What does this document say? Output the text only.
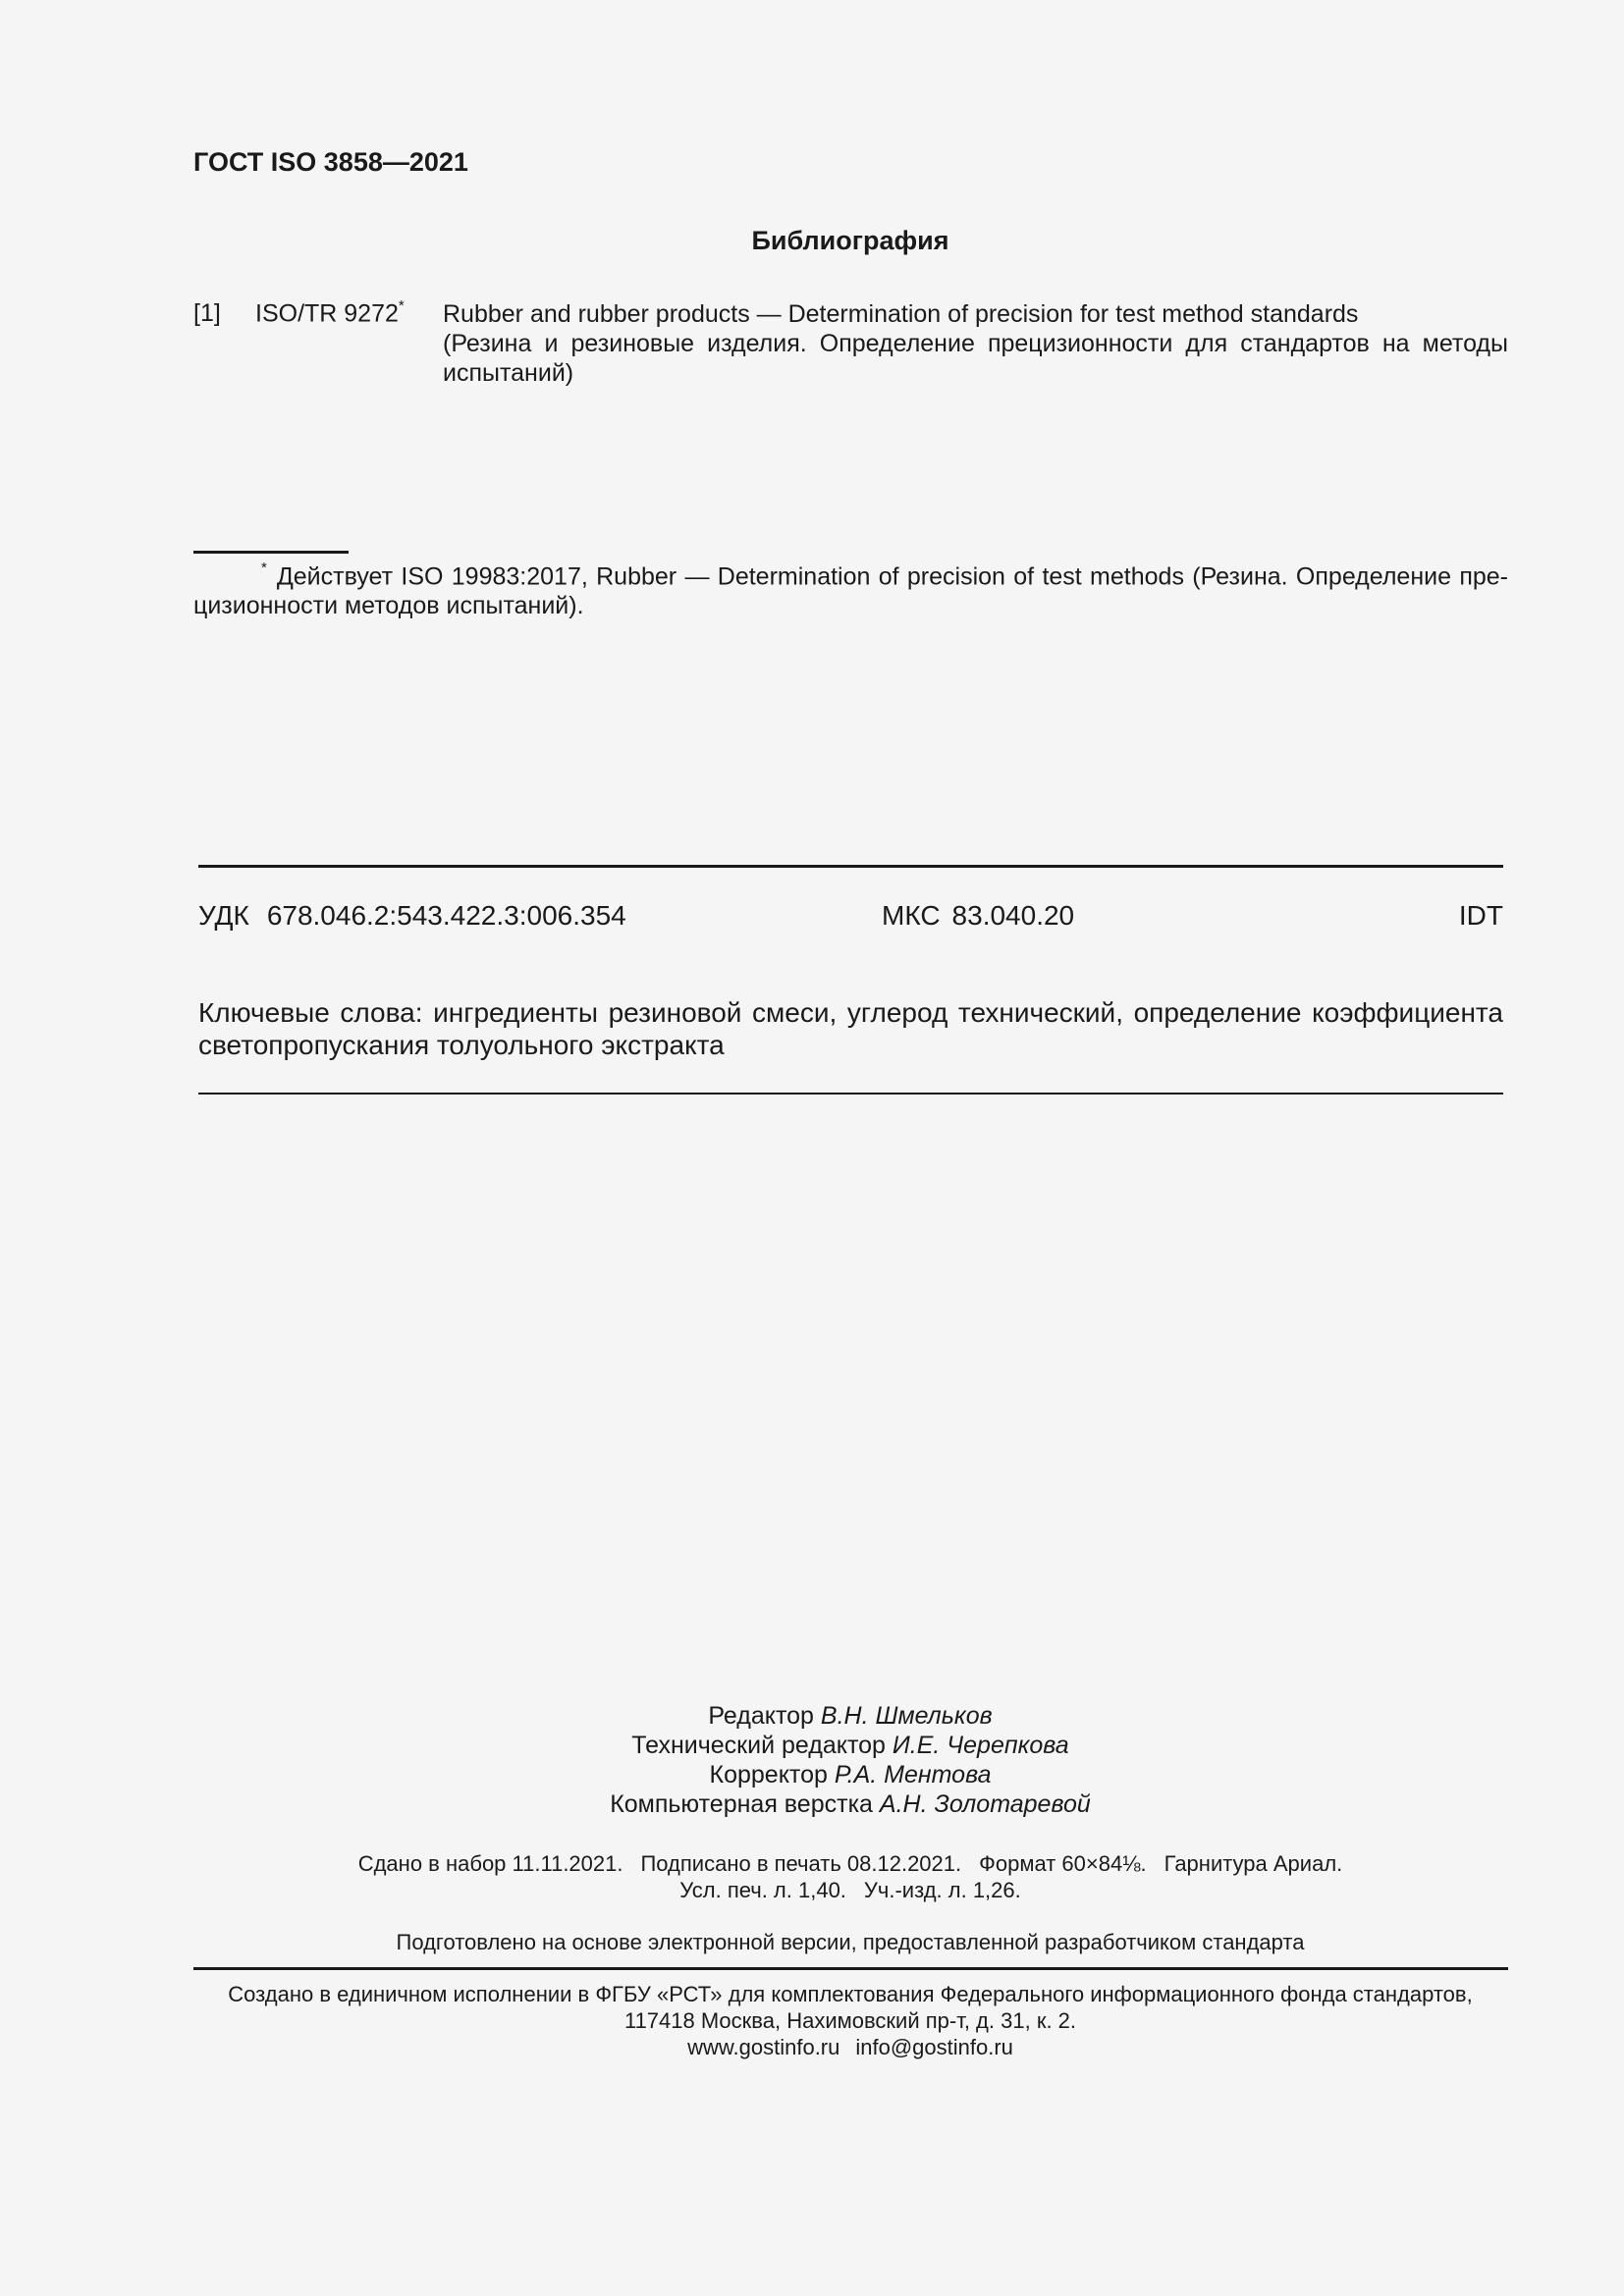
ГОСТ ISO 3858—2021
Библиография
[1] ISO/TR 9272* Rubber and rubber products — Determination of precision for test method standards
(Резина и резиновые изделия. Определение прецизионности для стандартов на методы испытаний)
* Действует ISO 19983:2017, Rubber — Determination of precision of test methods (Резина. Определение пре-цизионности методов испытаний).
УДК 678.046.2:543.422.3:006.354	МКС 83.040.20	IDT
Ключевые слова: ингредиенты резиновой смеси, углерод технический, определение коэффициента светопропускания толуольного экстракта
Редактор В.Н. Шмельков
Технический редактор И.Е. Черепкова
Корректор Р.А. Ментова
Компьютерная верстка А.Н. Золотаревой
Сдано в набор 11.11.2021. Подписано в печать 08.12.2021. Формат 60×84⅛. Гарнитура Ариал.
Усл. печ. л. 1,40. Уч.-изд. л. 1,26.
Подготовлено на основе электронной версии, предоставленной разработчиком стандарта
Создано в единичном исполнении в ФГБУ «РСТ» для комплектования Федерального информационного фонда стандартов,
117418 Москва, Нахимовский пр-т, д. 31, к. 2.
www.gostinfo.ru info@gostinfo.ru
